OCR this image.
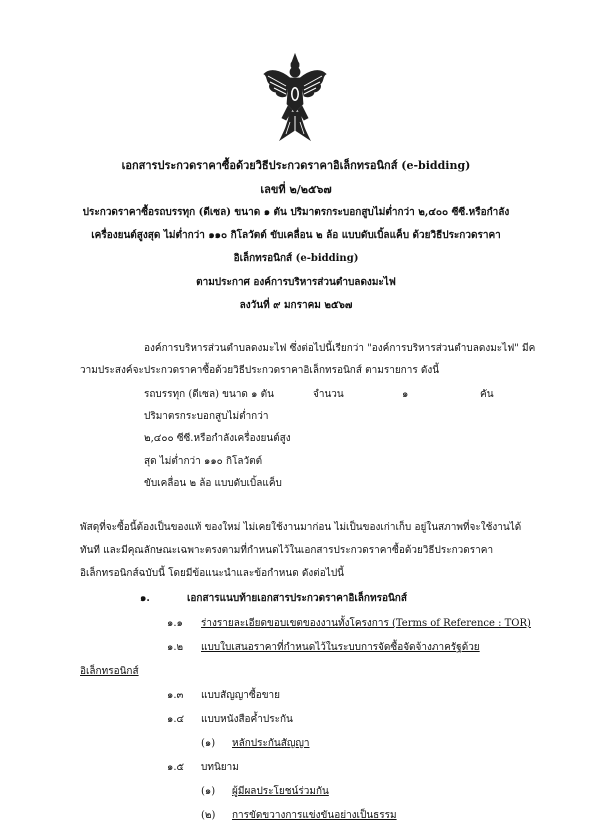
เอกสารประกวดราคาซื้อด้วยวิธีประกวดราคาอิเล็กทรอนิกส์ (e-bidding)
เลขที่ ๒/๒๕๖๗
ประกวดราคาซื้อรถบรรทุก (ดีเซล) ขนาด ๑ ตัน ปริมาตรกระบอกสูบไม่ต่ำกว่า ๒,๔๐๐ ซีซี.หรือกำลัง
เครื่องยนต์สูงสุด ไม่ต่ำกว่า ๑๑๐ กิโลวัตต์ ขับเคลื่อน ๒ ล้อ แบบดับเบิ้ลแค็บ ด้วยวิธีประกวดราคา
อิเล็กทรอนิกส์ (e-bidding)
ตามประกาศ องค์การบริหารส่วนตำบลดงมะไฟ
ลงวันที่ ๙ มกราคม ๒๕๖๗
องค์การบริหารส่วนตำบลดงมะไฟ ซึ่งต่อไปนี้เรียกว่า "องค์การบริหารส่วนตำบลดงมะไฟ" มีค
วามประสงค์จะประกวดราคาซื้อด้วยวิธีประกวดราคาอิเล็กทรอนิกส์ ตามรายการ ดังนี้
รถบรรทุก (ดีเซล) ขนาด ๑ ตัน	จำนวน	๑	คัน
ปริมาตรกระบอกสูบไม่ต่ำกว่า
๒,๔๐๐ ซีซี.หรือกำลังเครื่องยนต์สูง
สุด ไม่ต่ำกว่า ๑๑๐ กิโลวัตต์
ขับเคลื่อน ๒ ล้อ แบบดับเบิ้ลแค็บ
พัสดุที่จะซื้อนี้ต้องเป็นของแท้ ของใหม่ ไม่เคยใช้งานมาก่อน ไม่เป็นของเก่าเก็บ อยู่ในสภาพที่จะใช้งานได้
ทันที และมีคุณลักษณะเฉพาะตรงตามที่กำหนดไว้ในเอกสารประกวดราคาซื้อด้วยวิธีประกวดราคา
อิเล็กทรอนิกส์ฉบับนี้ โดยมีข้อแนะนำและข้อกำหนด ดังต่อไปนี้
๑.	เอกสารแนบท้ายเอกสารประกวดราคาอิเล็กทรอนิกส์
๑.๑ ร่างรายละเอียดขอบเขตของงานทั้งโครงการ (Terms of Reference : TOR)
๑.๒ แบบใบเสนอราคาที่กำหนดไว้ในระบบการจัดซื้อจัดจ้างภาครัฐด้วย
อิเล็กทรอนิกส์
๑.๓ แบบสัญญาซื้อขาย
๑.๔ แบบหนังสือค้ำประกัน
(๑) หลักประกันสัญญา
๑.๕ บทนิยาม
(๑) ผู้มีผลประโยชน์ร่วมกัน
(๒) การขัดขวางการแข่งขันอย่างเป็นธรรม
